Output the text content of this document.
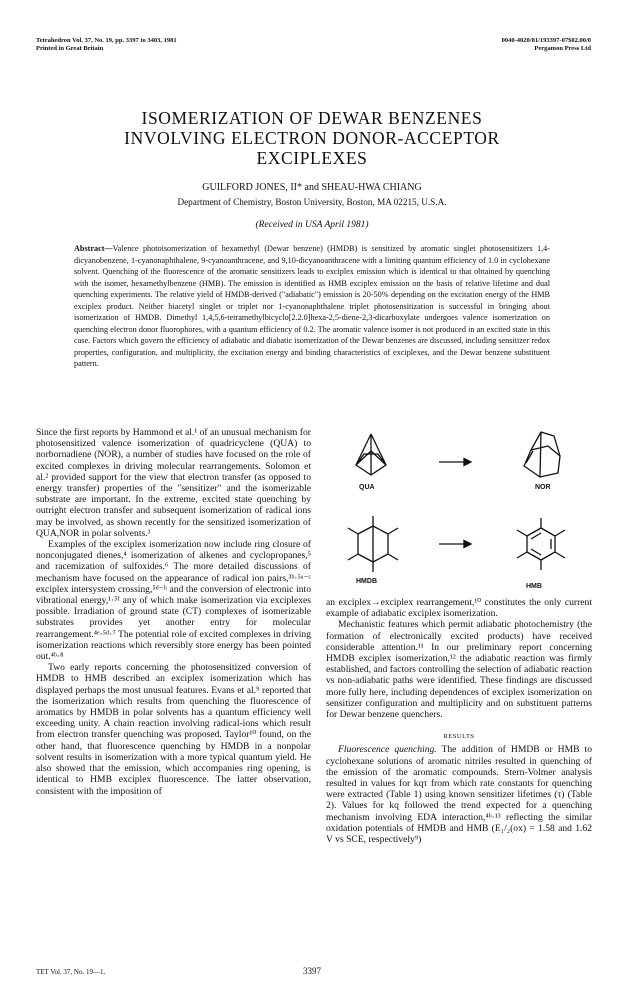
Tetrahedron Vol. 37, No. 19, pp. 3397 to 3403, 1981
Printed in Great Britain
0040-4020/81/193397-07$02.00/0
Pergamon Press Ltd
ISOMERIZATION OF DEWAR BENZENES
INVOLVING ELECTRON DONOR-ACCEPTOR
EXCIPLEXES
GUILFORD JONES, II* and SHEAU-HWA CHIANG
Department of Chemistry, Boston University, Boston, MA 02215, U.S.A.
(Received in USA April 1981)
Abstract—Valence photoisomerization of hexamethyl (Dewar benzene) (HMDB) is sensitized by aromatic singlet photosensitizers 1,4-dicyanobenzene, 1-cyanonaphthalene, 9-cyanoanthracene, and 9,10-dicyanoanthracene with a limiting quantum efficiency of 1.0 in cyclohexane solvent. Quenching of the fluorescence of the aromatic sensitizers leads to exciplex emission which is identical to that obtained by quenching with the isomer, hexamethylbenzene (HMB). The emission is identified as HMB exciplex emission on the basis of relative lifetime and dual quenching experiments. The relative yield of HMDB-derived ("adiabatic") emission is 20-50% depending on the excitation energy of the HMB exciplex product. Neither biacetyl singlet or triplet nor 1-cyanonaphthalene triplet photosensitization is successful in bringing about isomerization of HMDB. Dimethyl 1,4,5,6-tetramethylbicyclo[2.2.0]hexa-2,5-diene-2,3-dicarboxylate undergoes valence isomerization on quenching electron donor fluorophores, with a quantum efficiency of 0.2. The aromatic valence isomer is not produced in an excited state in this case. Factors which govern the efficiency of adiabatic and diabatic isomerization of the Dewar benzenes are discussed, including sensitizer redox properties, configuration, and multiplicity, the excitation energy and binding characteristics of exciplexes, and the Dewar benzene substituent pattern.

Since the first reports by Hammond et al.¹ of an unusual mechanism for photosensitized valence isomerization of quadricyclene (QUA) to norbornadiene (NOR), a number of studies have focused on the role of excited complexes in driving molecular rearrangements. Solomon et al.² provided support for the view that electron transfer (as opposed to energy transfer) properties of the "sensitizer" and the isomerizable substrate are important. In the extreme, excited state quenching by outright electron transfer and subsequent isomerization of radical ions may be involved, as shown recently for the sensitized isomerization of QUA,NOR in polar solvents.³

Examples of the exciplex isomerization now include ring closure of nonconjugated dienes,⁴ isomerization of alkenes and cyclopropanes,⁵ and racemization of sulfoxides.⁶ The more detailed discussions of mechanism have focused on the appearance of radical ion pairs,³ᵇ·⁵ᵃ⁻ᶜ exciplex intersystem crossing,⁵ᵈ⁻ʰ and the conversion of electronic into vibrational energy,¹·⁵ᶠ any of which make isomerization via exciplexes possible. Irradiation of ground state (CT) complexes of isomerizable substrates provides yet another entry for molecular rearrangement.⁴ᵉ·⁵ᵈ·⁷ The potential role of excited complexes in driving isomerization reactions which reversibly store energy has been pointed out.⁴ᵇ·⁸

Two early reports concerning the photosensitized conversion of HMDB to HMB described an exciplex isomerization which has displayed perhaps the most unusual features. Evans et al.⁹ reported that the isomerization which results from quenching the fluorescence of aromatics by HMDB in polar solvents has a quantum efficiency well exceeding unity. A chain reaction involving radical-ions which result from electron transfer quenching was proposed. Taylor¹⁰ found, on the other hand, that fluorescence quenching by HMDB in a nonpolar solvent results in isomerization with a more typical quantum yield. He also showed that the emission, which accompanies ring opening, is identical to HMB exciplex fluorescence. The latter observation, consistent with the imposition of

QUA	NOR
HMDB
HMB

an exciplex→exciplex rearrangement,¹⁰ constitutes the only current example of adiabatic exciplex isomerization.

Mechanistic features which permit adiabatic photochemistry (the formation of electronically excited products) have received considerable attention.¹¹ In our preliminary report concerning HMDB exciplex isomerization,¹² the adiabatic reaction was firmly established, and factors controlling the selection of adiabatic reaction vs non-adiabatic paths were identified. These findings are discussed more fully here, including dependences of exciplex isomerization on sensitizer configuration and multiplicity and on substituent patterns for Dewar benzene quenchers.

RESULTS

Fluorescence quenching. The addition of HMDB or HMB to cyclohexane solutions of aromatic nitriles resulted in quenching of the emission of the aromatic compounds. Stern-Volmer analysis resulted in values for kqτ from which rate constants for quenching were extracted (Table 1) using known sensitizer lifetimes (τ) (Table 2). Values for kq followed the trend expected for a quenching mechanism involving EDA interaction,⁴ᵇ·¹³ reflecting the similar oxidation potentials of HMDB and HMB (E₁/₂(ox) = 1.58 and 1.62 V vs SCE, respectively⁹)

TET Vol. 37, No. 19—1.	3397
